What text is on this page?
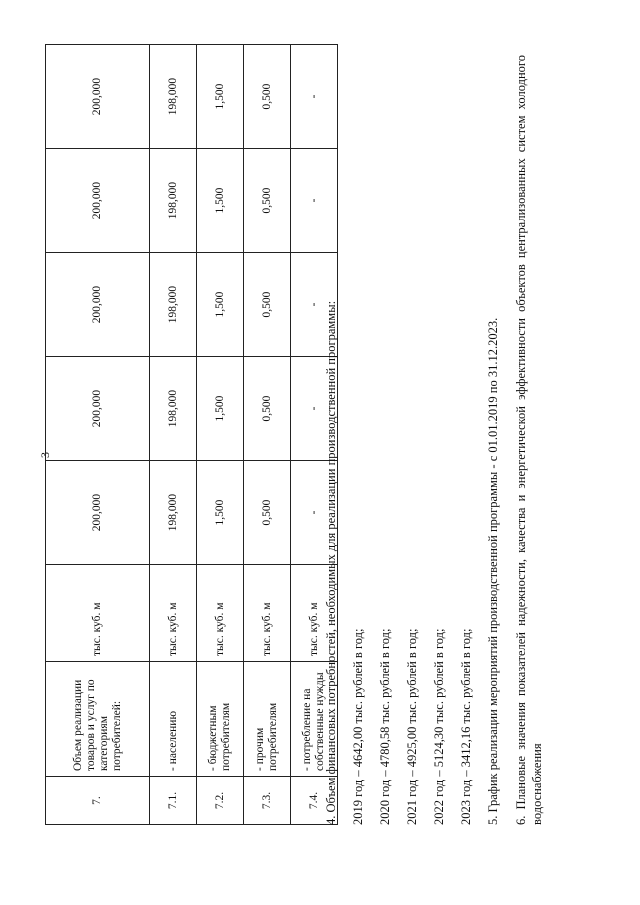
3
7.	Объем реализации товаров и услуг по категориям потребителей:	тыс. куб. м	200,000	200,000	200,000	200,000	200,000
7.1.	- населению	тыс. куб. м	198,000	198,000	198,000	198,000	198,000
7.2.	- бюджетным потребителям	тыс. куб. м	1,500	1,500	1,500	1,500	1,500
7.3.	- прочим потребителям	тыс. куб. м	0,500	0,500	0,500	0,500	0,500
7.4.	- потребление на собственные нужды	тыс. куб. м	-	-	-	-	-

4. Объем финансовых потребностей, необходимых для реализации производственной программы:	2019 год – 4642,00 тыс. рублей в год;	2020 год – 4780,58 тыс. рублей в год;	2021 год – 4925,00 тыс. рублей в год;	2022 год – 5124,30 тыс. рублей в год;	2023 год – 3412,16 тыс. рублей в год;	5. График реализации мероприятий производственной программы - с 01.01.2019 по 31.12.2023.	6. Плановые значения показателей надежности, качества и энергетической эффективности объектов централизованных систем холодного водоснабжения
